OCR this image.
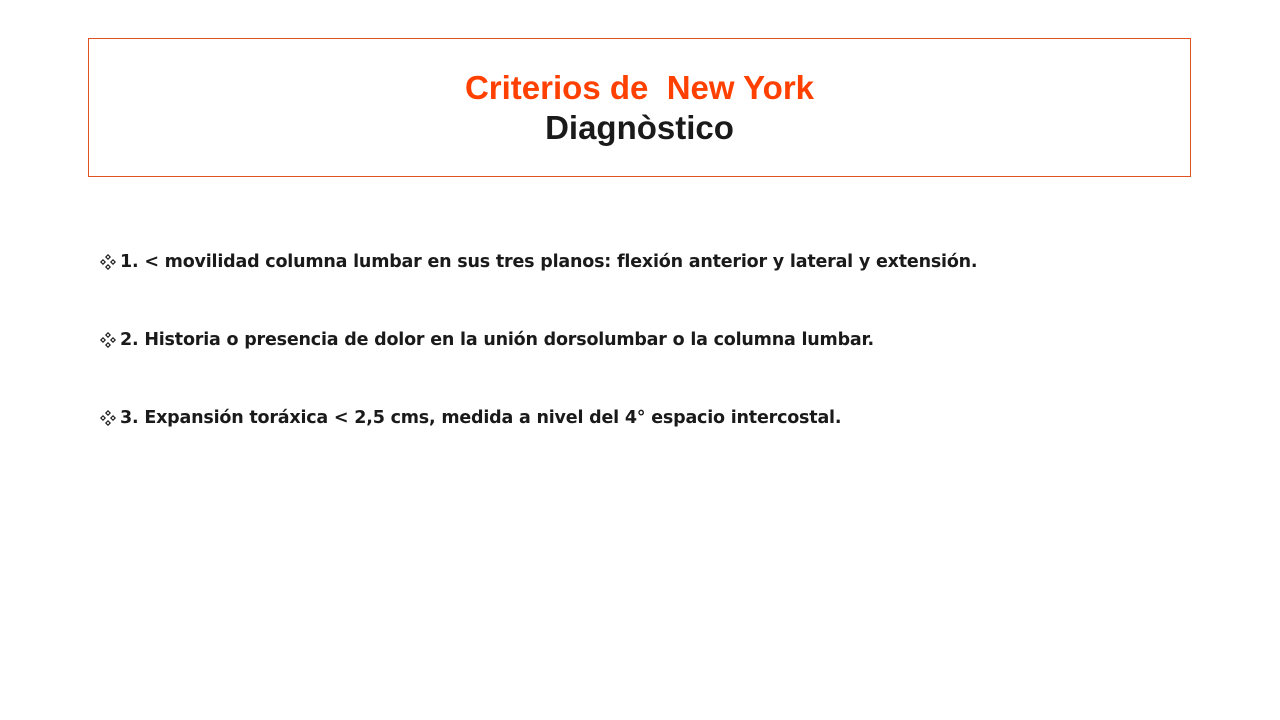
Criterios de  New York
Diagnòstico
1. < movilidad columna lumbar en sus tres planos: flexión anterior y lateral y extensión.
2. Historia o presencia de dolor en la unión dorsolumbar o la columna lumbar.
3. Expansión toráxica < 2,5 cms, medida a nivel del 4° espacio intercostal.
